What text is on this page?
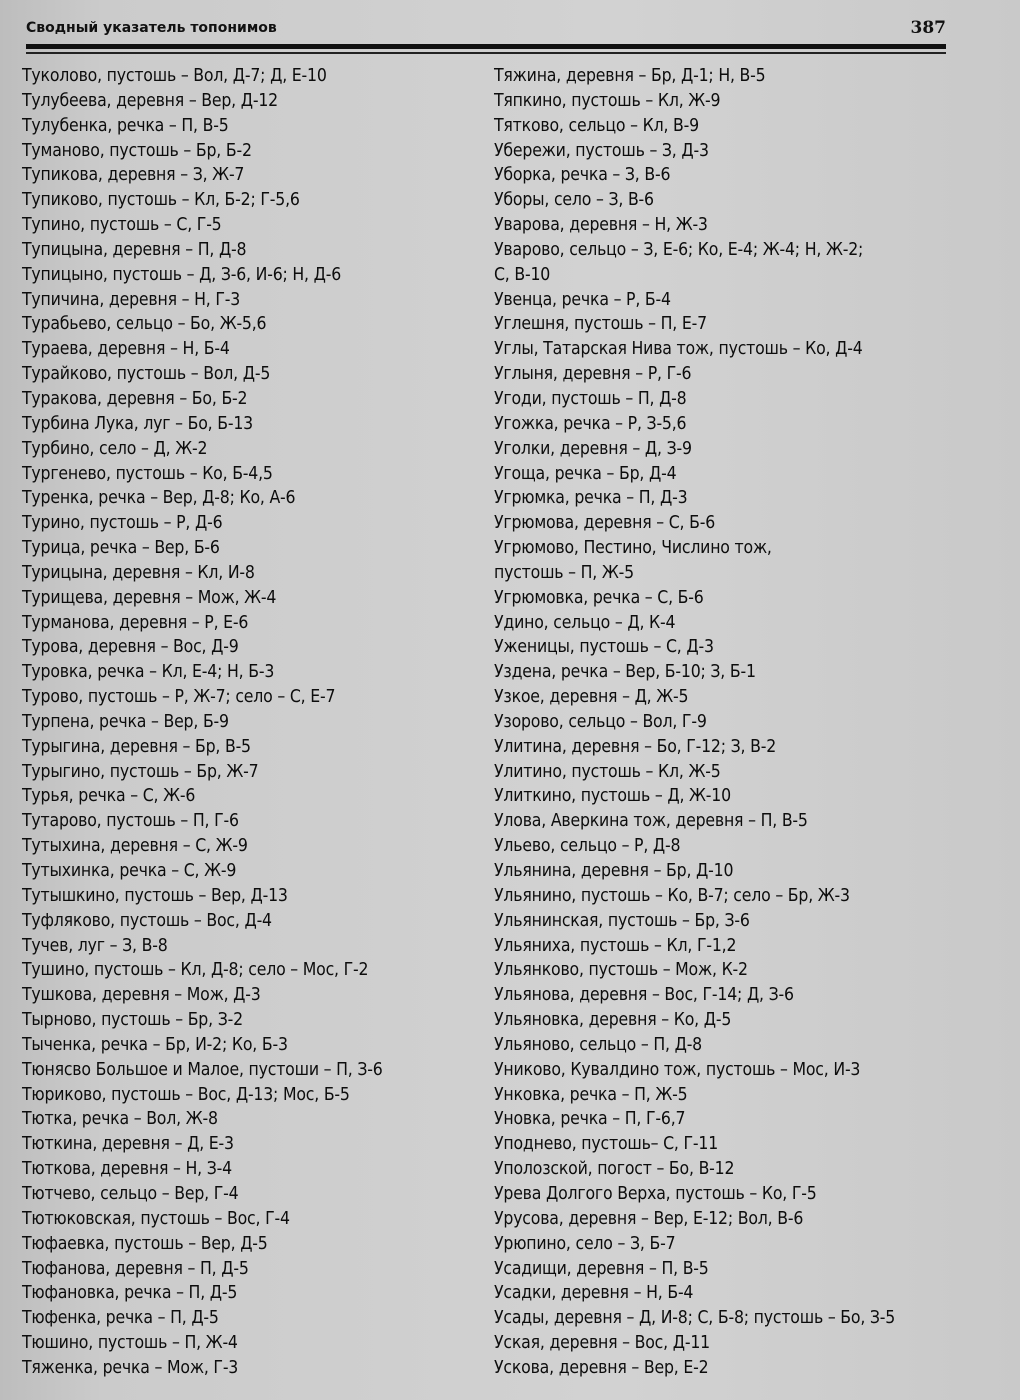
Сводный указатель топонимов	387
Туколово, пустошь – Вол, Д-7; Д, Е-10
Тулубеева, деревня – Вер, Д-12
Тулубенка, речка – П, В-5
Туманово, пустошь – Бр, Б-2
Тупикова, деревня – З, Ж-7
Тупиково, пустошь – Кл, Б-2; Г-5,6
Тупино, пустошь – С, Г-5
Тупицына, деревня – П, Д-8
Тупицыно, пустошь – Д, З-6, И-6; Н, Д-6
Тупичина, деревня – Н, Г-3
Турабьево, сельцо – Бо, Ж-5,6
Тураева, деревня – Н, Б-4
Турайково, пустошь – Вол, Д-5
Туракова, деревня – Бо, Б-2
Турбина Лука, луг – Бо, Б-13
Турбино, село – Д, Ж-2
Тургенево, пустошь – Ко, Б-4,5
Туренка, речка – Вер, Д-8; Ко, А-6
Турино, пустошь – Р, Д-6
Турица, речка – Вер, Б-6
Турицына, деревня – Кл, И-8
Турищева, деревня – Мож, Ж-4
Турманова, деревня – Р, Е-6
Турова, деревня – Вос, Д-9
Туровка, речка – Кл, Е-4; Н, Б-3
Турово, пустошь – Р, Ж-7; село – С, Е-7
Турпена, речка – Вер, Б-9
Турыгина, деревня – Бр, В-5
Турыгино, пустошь – Бр, Ж-7
Турья, речка – С, Ж-6
Тутарово, пустошь – П, Г-6
Тутыхина, деревня – С, Ж-9
Тутыхинка, речка – С, Ж-9
Тутышкино, пустошь – Вер, Д-13
Туфляково, пустошь – Вос, Д-4
Тучев, луг – З, В-8
Тушино, пустошь – Кл, Д-8; село – Мос, Г-2
Тушкова, деревня – Мож, Д-3
Тырново, пустошь – Бр, З-2
Тыченка, речка – Бр, И-2; Ко, Б-3
Тюнясво Большое и Малое, пустоши – П, З-6
Тюриково, пустошь – Вос, Д-13; Мос, Б-5
Тютка, речка – Вол, Ж-8
Тюткина, деревня – Д, Е-3
Тюткова, деревня – Н, З-4
Тютчево, сельцо – Вер, Г-4
Тютюковская, пустошь – Вос, Г-4
Тюфаевка, пустошь – Вер, Д-5
Тюфанова, деревня – П, Д-5
Тюфановка, речка – П, Д-5
Тюфенка, речка – П, Д-5
Тюшино, пустошь – П, Ж-4
Тяженка, речка – Мож, Г-3
Тяжина, деревня – Бр, Д-1; Н, В-5
Тяпкино, пустошь – Кл, Ж-9
Тятково, сельцо – Кл, В-9
Убережи, пустошь – З, Д-3
Уборка, речка – З, В-6
Уборы, село – З, В-6
Уварова, деревня – Н, Ж-3
Уварово, сельцо – З, Е-6; Ко, Е-4; Ж-4; Н, Ж-2;
С, В-10
Увенца, речка – Р, Б-4
Углешня, пустошь – П, Е-7
Углы, Татарская Нива тож, пустошь – Ко, Д-4
Углыня, деревня – Р, Г-6
Угоди, пустошь – П, Д-8
Угожка, речка – Р, З-5,6
Уголки, деревня – Д, З-9
Угоща, речка – Бр, Д-4
Угрюмка, речка – П, Д-3
Угрюмова, деревня – С, Б-6
Угрюмово, Пестино, Числино тож,
пустошь – П, Ж-5
Угрюмовка, речка – С, Б-6
Удино, сельцо – Д, К-4
Уженицы, пустошь – С, Д-3
Уздена, речка – Вер, Б-10; З, Б-1
Узкое, деревня – Д, Ж-5
Узорово, сельцо – Вол, Г-9
Улитина, деревня – Бо, Г-12; З, В-2
Улитино, пустошь – Кл, Ж-5
Улиткино, пустошь – Д, Ж-10
Улова, Аверкина тож, деревня – П, В-5
Ульево, сельцо – Р, Д-8
Ульянина, деревня – Бр, Д-10
Ульянино, пустошь – Ко, В-7; село – Бр, Ж-3
Ульянинская, пустошь – Бр, З-6
Ульяниха, пустошь – Кл, Г-1,2
Ульянково, пустошь – Мож, К-2
Ульянова, деревня – Вос, Г-14; Д, З-6
Ульяновка, деревня – Ко, Д-5
Ульяново, сельцо – П, Д-8
Униково, Кувалдино тож, пустошь – Мос, И-3
Унковка, речка – П, Ж-5
Уновка, речка – П, Г-6,7
Уподнево, пустошь– С, Г-11
Уполозской, погост – Бо, В-12
Урева Долгого Верха, пустошь – Ко, Г-5
Урусова, деревня – Вер, Е-12; Вол, В-6
Урюпино, село – З, Б-7
Усадищи, деревня – П, В-5
Усадки, деревня – Н, Б-4
Усады, деревня – Д, И-8; С, Б-8; пустошь – Бо, З-5
Уская, деревня – Вос, Д-11
Ускова, деревня – Вер, Е-2
